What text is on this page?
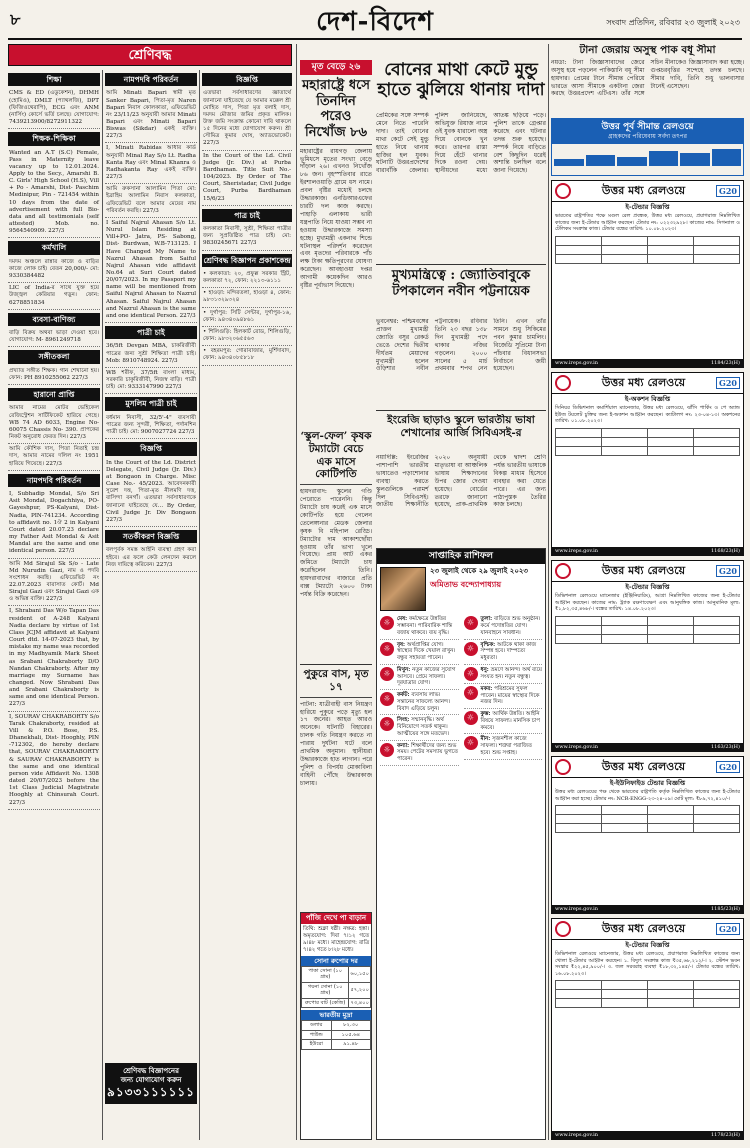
৮	দেশ-বিদেশ	সংবাদ প্রতিদিন, রবিবার ২৩ জুলাই ২০২৩
শ্রেণিবদ্ধ
শিক্ষা
CMS & ED (এডুকেশন), DHMH (হোমিও), DMLT (প্যাথলজি), DPT (ফিজিওথেরাপি), ECG এবং ANM (নার্সিং) কোর্সে ভর্তি চলছে। যোগাযোগ: 7439213900/8272911322
শিক্ষক-শিক্ষিকা
Wanted an A.T (S.C) Female, Pass in Maternity leave vacancy up to 12.01.2024. Apply to the Secy., Amarshi B. C. Girls' High School (H.S), Vill + Po - Amarshi, Dist- Paschim Medinipur, Pin - 721454 within 10 days from the date of advertisement with full Bio-data and all testimonials (self attested) Mob. no. 9564540909. 227/3
কর্মখালি
দমদম অঞ্চলে রান্নার কাজে ও বাড়ির কাজে লোক চাই। বেতন 20,000/- মো: 9330384482
LIC of India-র সাথে যুক্ত হয়ে উজ্জ্বল কেরিয়ার গড়ুন। ফোন: 6278851834
ব্যবসা-বাণিজ্য
বাড়ি বিক্রয় অথবা ভাড়া দেওয়া হবে। যোগাযোগ: M- 8961249718
সঙ্গীতকলা
প্রখ্যাত সঙ্গীত শিক্ষক। গান শেখানো হয়। ফোন: PH 8910255062 227/3
হারানো প্রাপ্তি
আমার নামের মোটর ভেহিকেল রেজিস্ট্রেশন সার্টিফিকেট হারিয়ে গেছে। WB 74 AD 6033, Engine No- 60075 Chassis No- 390. প্রাপকের নিকট অনুরোধ ফেরত দিন। 227/3
আমি কৌশিক দাস, পিতা নিতাই চন্দ্র দাস, আমার নামের দলিল নং 1951 হারিয়ে গিয়েছে। 227/3
নামপদবি পরিবর্তন
I, Subhadip Mondal, S/o Sri Asit Mondal, Dogachhiya, PO- Gayeshpur, PS-Kalyani, Dist- Nadia, PIN-741234. According to affidavit no. 1ঔ 2 in Kalyani Court dated 20.07.23 declare my Father Asit Mondal & Asit Mandal are the same and one identical person. 227/3
আমি Md Sirajul Sk S/o - Late Md Nurudin Gazi, নাম ও পদবি সংশোধন করছি। এফিডেভিট নং 22.07.2023 বারাসাত কোর্ট। Md Sirajul Gazi এবং Sirajul Gazi এক ও অভিন্ন ব্যক্তি। 227/3
I, Shrabani Das W/o Tapan Das resident of A-248 Kalyani Nadia declare by virtue of 1st Class JCJM affidavit at Kalyani Court dtd. 14-07-2023 that, by mistake my name was recorded in my Madhyamik Mark Sheet as Srabani Chakraborty D/O Nandan Chakraborty. After my marriage my Surname has changed. Now Shrabani Das and Srabani Chakraborty is same and one identical Person. 227/3
I, SOURAV CHAKRABORTY S/o Tarak Chakraborty, resided at Vill & P.O. Bose, P.S. Dhanekhali, Dist- Hooghly, PIN -712302, do hereby declare that, SOURAV CHAKRABORTY & SAURAV CHAKRABORTY is the same and one identical person vide Affidavit No. 1308 dated 20/07/2023 before the 1st Class Judicial Magistrate Hooghly at Chinsurah Court. 227/3
নামপদবি পরিবর্তন
আমি Minati Bapari স্বামী মৃত Sanker Bapari, পিতা-মৃত Naren Bapari নিবাস কোলকাতা, এফিডেভিট নং 23/11/23 অনুযায়ী আমার Minati Bapari এবং Minati Bapari Biswas (Sikdar) একই ব্যক্তি। 227/3
I, Minati Rabidas আধার কার্ড অনুযায়ী Minal Ray S/o Lt. Radha Kanta Ray এবং Minal Khanra ও Radhakanta Ray একই ব্যক্তি। 227/3
আমি রুকসানা আলামিন পিতা মো: ইব্রাহিম আলামিন নিবাস কলকাতা, এফিডেভিট বলে আমার মেয়ের নাম পরিবর্তন করছি। 227/3
I Saiful Najrul Ahasan S/o Lt. Nurul Islam Residing at Vill+PO- Jatra, PS- Sabong, Dist- Burdwan, W.B-713125. I Have Changed My Name to Nazrul Ahasan from Saiful Najrul Ahasan vide affidavit No.64 at Suri Court dated 20/07/2023. In my Passport my name will be mentioned from Saiful Najrul Ahasan to Nazrul Ahasan. Saiful Najrul Ahasan and Nazrul Ahasan is the same and one identical Person. 227/3
পাত্রী চাই
36/5ft Devgan MBA, চাকরিজীবী পাত্রের জন্য সুশ্রী শিক্ষিতা পাত্রী চাই। Mob: 8910748924. 227/3
WB শরীফ, 37/5ft বাংলা মাধ্যম, সরকারি চাকুরিজীবী, নিজস্ব বাড়ি। পাত্রী চাই। মো: 9333147990 227/3
মুসলিম পাত্রী চাই
বর্ধমান নিবাসী, 32/5'-4" ব্যবসায়ী পাত্রের জন্য সুন্দরী, শিক্ষিতা, পর্দানশিন পাত্রী চাই। মো: 9007027724 227/3
বিজ্ঞপ্তি
In the Court of the Ld. District Delegate, Civil Judge (Jr. Div.) at Bongaon in Charge. Misc Case No.- 45/2023. আবেদনকারী সুরেশ দত্ত, পিতা-মৃত নীলমণি দত্ত, বাসিন্দা বনগাঁ। এতদ্বারা সর্বসাধারণকে জানানো যাইতেছে যে... By Order, Civil Judge Jr. Div Bongaon 227/3
সতর্কীকরণ বিজ্ঞপ্তি
বলপূর্বক সমস্ত আইনি ব্যবস্থা গ্রহণ করা হইবে। এর ফলে কেউ লেনদেন করলে নিজ দায়িত্বে করিবেন। 227/3
বিজ্ঞপ্তি
এতদ্বারা সর্বসাধারণের জ্ঞাতার্থে জানানো যাইতেছে যে আমার মক্কেল শ্রী মোহিত দাস, পিতা মৃত বলাই দাস, দমদম মৌজার জমির প্রকৃত মালিক। উক্ত জমি সংক্রান্ত কোনো দাবি থাকলে ১৫ দিনের মধ্যে যোগাযোগ করুন। শ্রী সৌমিত্র কুমার ঘোষ, অ্যাডভোকেট। 227/3
In the Court of the Ld. Civil Judge (Jr. Div.) at Purba Bardhaman. Title Suit No.- 104/2023. By Order of The Court, Sheristadar, Civil Judge Court, Purba Bardhaman 15/6/23
পাত্র চাই
কলকাতা নিবাসী, সুশ্রী, শিক্ষিতা পাত্রীর জন্য সুপ্রতিষ্ঠিত পাত্র চাই। মো: 9830245671 227/3
শ্রেণিবদ্ধ বিজ্ঞাপন প্রকাশকেন্দ্র
• কলকাতা: ২০, প্রফুল্ল সরকার স্ট্রিট, কলকাতা ৭২, ফোন: ২২১৩-৬১১১
• হাওড়া: মন্দিরতলা, হাওড়া ৪, ফোন: ৯৮৩১৩২৯৩২৪
• দুর্গাপুর: সিটি সেন্টার, দুর্গাপুর-১৬, ফোন: ৯৪৩৪০৯৪৮৬১
• শিলিগুড়ি: হিলকার্ট রোড, শিলিগুড়ি, ফোন: ৯৮৩২০৬৫৫৬৩
• বহরমপুর: গোরাবাজার, মুর্শিদাবাদ, ফোন: ৯৪৩৪০৮৫৮১৮
শ্রেণিবদ্ধ বিজ্ঞাপনের
জন্য যোগাযোগ করুন
৯১৩৩১১১১১১
মৃত বেড়ে ২৬
মহারাষ্ট্রে ধসে তিনদিন পরেও নিখোঁজ ৮৬
মহারাষ্ট্রের রায়গড় জেলায় ভূমিধসে মৃতের সংখ্যা বেড়ে দাঁড়াল ২৬। এখনও নিখোঁজ ৮৬ জন। বৃহস্পতিবার রাতে ইরশালওয়াড়ি গ্রামে ধস নামে। প্রবল বৃষ্টির মধ্যেই চলছে উদ্ধারকাজ। এনডিআরএফের চারটি দল কাজ করছে। পাহাড়ি এলাকায় ভারী যন্ত্রপাতি নিয়ে যাওয়া সম্ভব না হওয়ায় উদ্ধারকাজে সমস্যা হচ্ছে। মুখ্যমন্ত্রী একনাথ শিন্ডে ঘটনাস্থল পরিদর্শন করেছেন এবং মৃতদের পরিবারকে পাঁচ লক্ষ টাকা ক্ষতিপূরণের ঘোষণা করেছেন। আবহাওয়া দপ্তর আগামী কয়েকদিন আরও বৃষ্টির পূর্বাভাস দিয়েছে।
বোনের মাথা কেটে মুন্ডু হাতে ঝুলিয়ে থানায় দাদা
প্রেমিকের সঙ্গে সম্পর্ক মেনে নিতে পারেনি দাদা। তাই বোনের মাথা কেটে সেই মুন্ডু হাতে নিয়ে থানায় হাজির হল যুবক। ঘটনাটি উত্তরপ্রদেশের বারাবাঁকি জেলার। পুলিশ জানিয়েছে, অভিযুক্ত রিয়াজ নামে ওই যুবক ধারালো অস্ত্র দিয়ে বোনকে খুন করে। তারপর রাস্তা দিয়ে হেঁটে থানার দিকে রওনা দেয়। স্থানীয়দের মধ্যে আতঙ্ক ছড়িয়ে পড়ে। পুলিশ তাকে গ্রেপ্তার করেছে এবং ঘটনার তদন্ত শুরু হয়েছে। সম্পর্ক নিয়ে বাড়িতে বেশ কিছুদিন ধরেই অশান্তি চলছিল বলে জানা গিয়েছে।
মুখ্যমন্ত্রিত্বে : জ্যোতিবাবুকে টপকালেন নবীন পট্টনায়েক
ভুবনেশ্বর: পশ্চিমবঙ্গের প্রাক্তন মুখ্যমন্ত্রী জ্যোতি বসুর রেকর্ড ভেঙে দেশের দ্বিতীয় দীর্ঘতম মেয়াদের মুখ্যমন্ত্রী হলেন ওড়িশার নবীন পট্টনায়েক। রবিবার তিনি ২৩ বছর ১৩৮ দিন মুখ্যমন্ত্রী পদে থাকার নজির গড়লেন। ২০০০ সালের ৫ মার্চ প্রথমবার শপথ নেন তিনি। এখন তাঁর সামনে শুধু সিকিমের পবন কুমার চামলিং। বিজেডি সুপ্রিমো টানা পাঁচবার বিধানসভা নির্বাচনে জয়ী হয়েছেন।
ইংরেজি ছাড়াও স্কুলে ভারতীয় ভাষা শেখানোর আর্জি সিবিএসই-র
নয়াদিল্লি: ইংরেজির পাশাপাশি ভারতীয় ভাষাতেও পড়াশোনার ব্যবস্থা করতে স্কুলগুলিকে পরামর্শ দিল সিবিএসই। জাতীয় শিক্ষানীতি ২০২০ অনুযায়ী মাতৃভাষা বা আঞ্চলিক ভাষায় শিক্ষাদানের উপর জোর দেওয়া হয়েছে। বোর্ডের তরফে জানানো হয়েছে, প্রাক-প্রাথমিক থেকে দ্বাদশ শ্রেণি পর্যন্ত ভারতীয় ভাষাকে বিকল্প মাধ্যম হিসেবে ব্যবহার করা যেতে পারে। এর জন্য পাঠ্যপুস্তক তৈরির কাজ চলছে।
‘স্কুল-ফেল’ কৃষক টম্যাটো বেচে এক মাসে কোটিপতি
হায়দরাবাদ: স্কুলের গণ্ডি পেরোতে পারেননি। কিন্তু টম্যাটো চাষ করেই এক মাসে কোটিপতি হয়ে গেলেন তেলেঙ্গানার মেডক জেলার কৃষক বি মহিপাল রেড্ডি। টম্যাটোর দাম আকাশছোঁয়া হওয়ায় তাঁর ভাগ্য খুলে গিয়েছে। প্রায় আট একর জমিতে টম্যাটো চাষ করেছিলেন তিনি। হায়দরাবাদের বাজারে প্রতি বাক্স টম্যাটো ২৬০০ টাকা পর্যন্ত বিক্রি করেছেন।
পুকুরে বাস, মৃত ১৭
পাটনা: যাত্রীবাহী বাস নিয়ন্ত্রণ হারিয়ে পুকুরে পড়ে মৃত্যু হল ১৭ জনের। আহত আরও অনেকে। ঘটনাটি বিহারের। চালক গতি নিয়ন্ত্রণ করতে না পারায় দুর্ঘটনা ঘটে বলে প্রাথমিক অনুমান। স্থানীয়রা উদ্ধারকাজে হাত লাগান। পরে পুলিশ ও বিপর্যয় মোকাবিলা বাহিনী পৌঁছে উদ্ধারকাজ চালায়।
পাঁজি দেখে পা বাড়ান
তিথি: শুক্লা ষষ্ঠী। নক্ষত্র: হস্তা। অমৃতযোগ: দিবা ৭।১২ গতে ৯।৪৮ মধ্যে। মাহেন্দ্রযোগ: রাত্রি ৭।৪২ গতে ৮।২৮ মধ্যে।
সোনা রুপোর দর
পাকা সোনা (১০ গ্রাম)	৬০,১৫০
গয়না সোনা (১০ গ্রাম)	৫৭,২০০
রুপোর বাট (কেজি)	৭৩,৪০০
ভারতীয় মুদ্রা
ডলার	৮২.৩০
পাউন্ড	১০৫.৬৪
ইউরো	৯১.৪৮
সাপ্তাহিক রাশিফল
২৩ জুলাই থেকে ২৯ জুলাই ২০২৩
অমিতাভ বন্দ্যোপাধ্যায়
☼	মেষ: কর্মক্ষেত্রে উন্নতির সম্ভাবনা। পারিবারিক শান্তি বজায় থাকবে। ব্যয় বৃদ্ধি।
☼	বৃষ: অর্থপ্রাপ্তির যোগ। স্বাস্থ্যের দিকে খেয়াল রাখুন। বন্ধুর সহায়তা পাবেন।
☼	মিথুন: নতুন কাজের সুযোগ আসবে। প্রেমে সাফল্য। দূরযাত্রার যোগ।
☼	কর্কট: ব্যবসায় লাভ। সন্তানের সাফল্যে আনন্দ। বিবাদ এড়িয়ে চলুন।
☼	সিংহ: সম্মানবৃদ্ধি। অর্থ বিনিয়োগে সতর্ক থাকুন। আত্মীয়ের সঙ্গে মতভেদ।
☼	কন্যা: শিক্ষার্থীদের জন্য শুভ সময়। পেটের সমস্যায় ভুগতে পারেন।
☼	তুলা: বাড়িতে শুভ অনুষ্ঠান। কর্মে পদোন্নতির যোগ। যানবাহনে সাবধান।
☼	বৃশ্চিক: আটকে থাকা কাজ সম্পন্ন হবে। দাম্পত্যে মধুরতা।
☼	ধনু: ভ্রমণে আনন্দ। অর্থ ব্যয়ে সংযত হন। নতুন বন্ধুত্ব।
☼	মকর: পরিশ্রমের সুফল পাবেন। মায়ের স্বাস্থ্যের দিকে নজর দিন।
☼	কুম্ভ: আর্থিক উন্নতি। আইনি বিষয়ে সাফল্য। মানসিক চাপ কমবে।
☼	মীন: সৃজনশীল কাজে সাফল্য। শত্রুরা পরাজিত হবে। শুভ সপ্তাহ।
টানা জেরায় অসুস্থ পাক বধূ সীমা
নয়ডা: টানা জিজ্ঞাসাবাদের জেরে অসুস্থ হয়ে পড়লেন পাকিস্তানি বধূ সীমা হায়দার। প্রেমের টানে সীমান্ত পেরিয়ে ভারতে আসা সীমাকে একটানা জেরা করছে উত্তরপ্রদেশ এটিএস। তাঁর সঙ্গে সচিন মীনাকেও জিজ্ঞাসাবাদ করা হচ্ছে। গুপ্তচরবৃত্তির সন্দেহে তদন্ত চলছে। সীমার দাবি, তিনি শুধু ভালবাসার টানেই এসেছেন।
উত্তর পূর্ব সীমান্ত রেলওয়ে
গ্রাহকদের পরিষেবায় সর্বদা তৎপর
উত্তর মধ্য রেলওয়ে	G20
ই-টেন্ডার বিজ্ঞপ্তি
ভারতের রাষ্ট্রপতির পক্ষে মণ্ডল রেল প্রবন্ধক, উত্তর মধ্য রেলওয়ে, প্রয়াগরাজ নিম্নলিখিত কাজের জন্য ই-টেন্ডার আহ্বান করছেন। টেন্ডার নং: ০২২৩২৯২৮। কাজের নাম: সিগন্যাল ও টেলিকম সংক্রান্ত কাজ। টেন্ডার বন্ধের তারিখ: ১০.০৮.২০২৩।

www.ireps.gov.in	1184/23(H)
উত্তর মধ্য রেলওয়ে	G20
ই-অকশন বিজ্ঞপ্তি
সিনিয়র ডিভিশনাল কমার্শিয়াল ম্যানেজার, উত্তর মধ্য রেলওয়ে, ঝাঁসি পার্কিং ও পে অ্যান্ড ইউজ টয়লেট চুক্তির জন্য ই-অকশন আহ্বান করছেন। ক্যাটালগ নং: ২৩-০৪-১৩। অকশনের তারিখ: ০১.০৮.২০২৩।

www.ireps.gov.in	1168/23(H)
উত্তর মধ্য রেলওয়ে	G20
ই-টেন্ডার বিজ্ঞপ্তি
ডিভিশনাল রেলওয়ে ম্যানেজার (ইঞ্জিনিয়ারিং), আগ্রা নিম্নলিখিত কাজের জন্য ই-টেন্ডার আহ্বান করছেন। কাজের নাম: ট্র্যাক রক্ষণাবেক্ষণ এবং আনুষঙ্গিক কাজ। আনুমানিক মূল্য: ₹১,৮২,৩৫,৪৬৮/-। বন্ধের তারিখ: ১৪.০৮.২০২৩।

www.ireps.gov.in	1163/23(H)
উত্তর মধ্য রেলওয়ে	G20
ই-ইউনিফাইড টেন্ডার বিজ্ঞপ্তি
উত্তর মধ্য রেলওয়ের পক্ষ থেকে ভারতের রাষ্ট্রপতি কর্তৃক নিম্নলিখিত কাজের জন্য ই-টেন্ডার আহ্বান করা হচ্ছে। টেন্ডার নং: NCR-ENGG-২৩-২৪-০৯। মোট মূল্য: ₹৮৯,৭২,৪১০/-।

www.ireps.gov.in	1185/23(H)
উত্তর মধ্য রেলওয়ে	G20
ই-টেন্ডার বিজ্ঞপ্তি
ডিভিশনাল রেলওয়ে ম্যানেজার, উত্তর মধ্য রেলওয়ে, প্রয়াগরাজ নিম্নলিখিত কাজের জন্য খোলা ই-টেন্ডার আহ্বান করছেন। ১. বিদ্যুৎ সংক্রান্ত কাজ ₹৩৫,৬৮,২১২/-। ২. স্টেশন ভবন সংস্কার ₹২২,৪৫,৯০০/-। ৩. জল সরবরাহ ব্যবস্থা ₹১৮,৩২,১৪৫/-। টেন্ডার বন্ধের তারিখ: ১৬.০৮.২০২৩।

www.ireps.gov.in	1178/23(H)
